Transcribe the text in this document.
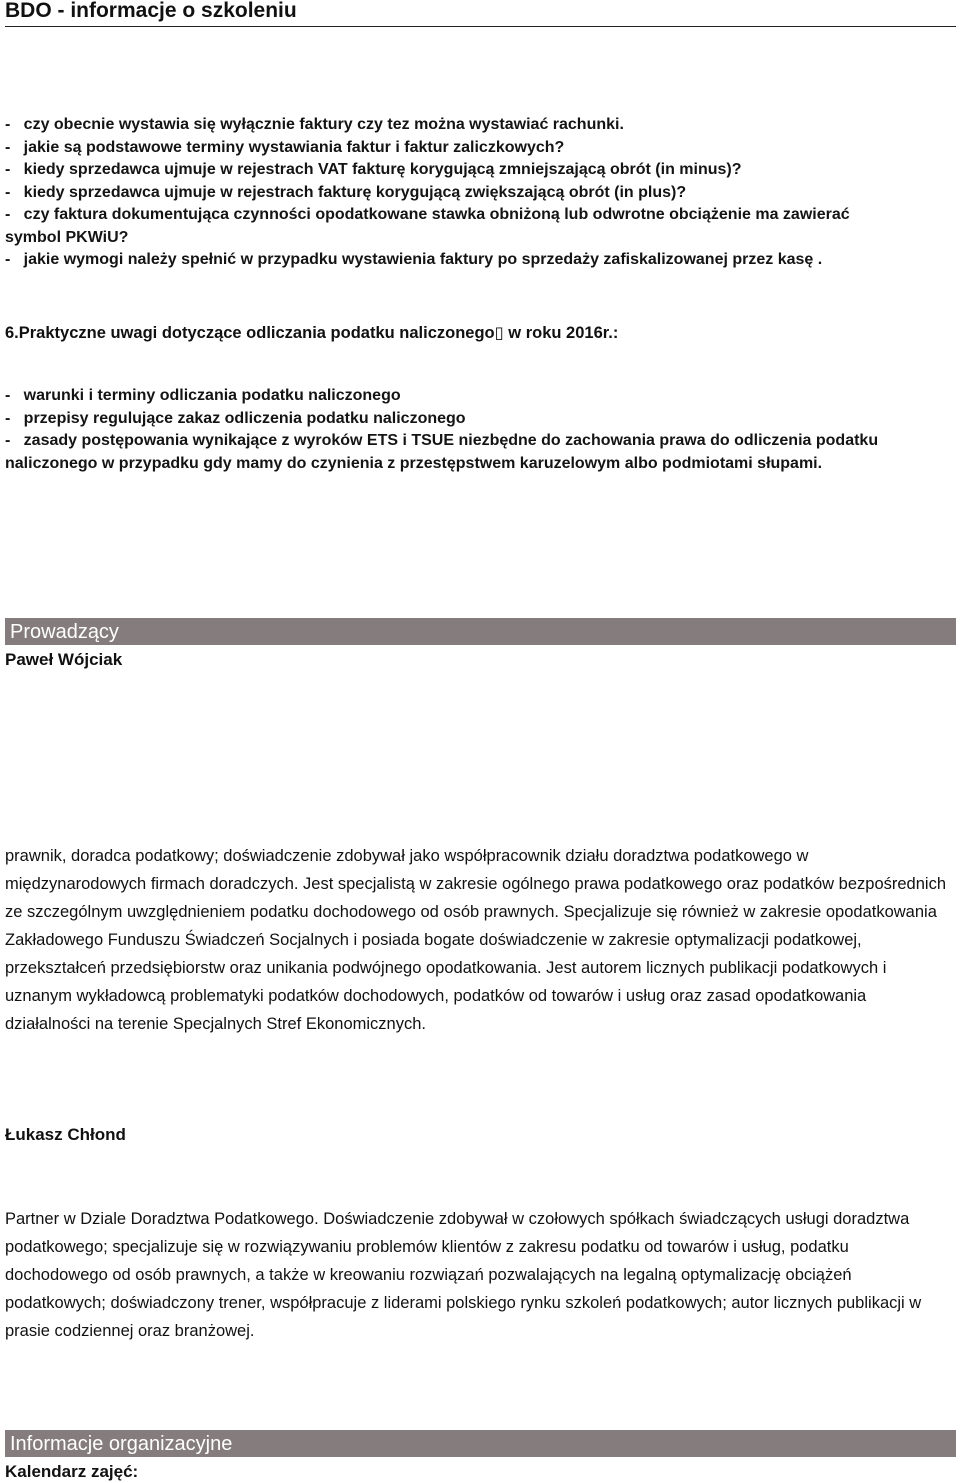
BDO - informacje o szkoleniu
-   czy obecnie wystawia się wyłącznie faktury czy tez można wystawiać rachunki.
-   jakie są podstawowe terminy wystawiania faktur i faktur zaliczkowych?
-   kiedy sprzedawca ujmuje w rejestrach VAT fakturę korygującą zmniejszającą obrót (in minus)?
-   kiedy sprzedawca ujmuje w rejestrach fakturę korygującą zwiększającą obrót (in plus)?
-   czy faktura dokumentująca czynności opodatkowane stawka obniżoną lub odwrotne obciążenie ma zawierać
symbol PKWiU?
-   jakie wymogi należy spełnić w przypadku wystawienia faktury po sprzedaży zafiskalizowanej przez kasę .
6.Praktyczne uwagi dotyczące odliczania podatku naliczonego▯ w roku 2016r.:
-   warunki i terminy odliczania podatku naliczonego
-   przepisy regulujące zakaz odliczenia podatku naliczonego
-   zasady postępowania wynikające z wyroków ETS i TSUE niezbędne do zachowania prawa do odliczenia podatku
naliczonego w przypadku gdy mamy do czynienia z przestępstwem karuzelowym albo podmiotami słupami.
Prowadzący
Paweł Wójciak
prawnik, doradca podatkowy; doświadczenie zdobywał jako współpracownik działu doradztwa podatkowego w międzynarodowych firmach doradczych. Jest specjalistą w zakresie ogólnego prawa podatkowego oraz podatków bezpośrednich ze szczególnym uwzględnieniem podatku dochodowego od osób prawnych. Specjalizuje się również w zakresie opodatkowania Zakładowego Funduszu Świadczeń Socjalnych i posiada bogate doświadczenie w zakresie optymalizacji podatkowej, przekształceń przedsiębiorstw oraz unikania podwójnego opodatkowania. Jest autorem licznych publikacji podatkowych i uznanym wykładowcą problematyki podatków dochodowych, podatków od towarów i usług oraz zasad opodatkowania działalności na terenie Specjalnych Stref Ekonomicznych.
Łukasz Chłond
Partner w Dziale Doradztwa Podatkowego. Doświadczenie zdobywał w czołowych spółkach świadczących usługi doradztwa podatkowego; specjalizuje się w rozwiązywaniu problemów klientów z zakresu podatku od towarów i usług, podatku dochodowego od osób prawnych, a także w kreowaniu rozwiązań pozwalających na legalną optymalizację obciążeń podatkowych; doświadczony trener, współpracuje z liderami polskiego rynku szkoleń podatkowych; autor licznych publikacji w prasie codziennej oraz branżowej.
Informacje organizacyjne
Kalendarz zajęć:
